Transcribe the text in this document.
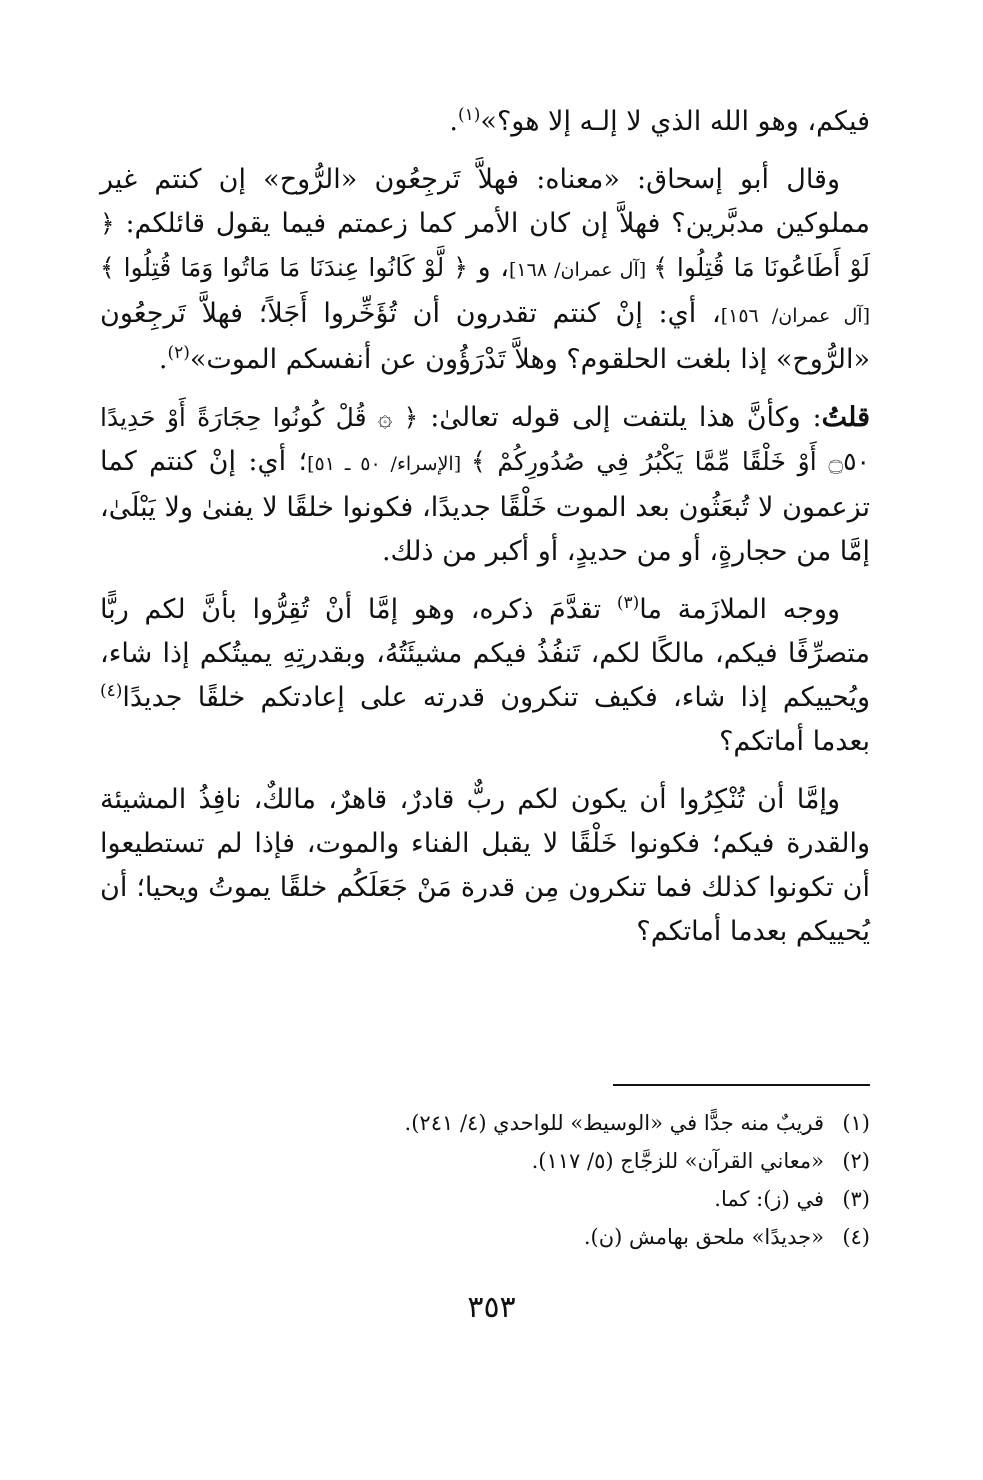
فيكم، وهو الله الذي لا إلـه إلا هو؟»$^{(١)}$.

وقال أبو إسحاق: «معناه: فهلاَّ تَرجِعُون «الرُّوح» إن كنتم غير مملوكين مدبَّرين؟ فهلاَّ إن كان الأمر كما زعمتم فيما يقول قائلكم: ﴿ لَوْ أَطَاعُونَا مَا قُتِلُوا ﴾ [آل عمران/ ١٦٨]، و ﴿ لَّوْ كَانُوا عِندَنَا مَا مَاتُوا وَمَا قُتِلُوا ﴾ [آل عمران/ ١٥٦]، أي: إنْ كنتم تقدرون أن تُؤَخِّروا أَجَلاً؛ فهلاَّ تَرجِعُون «الرُّوح» إذا بلغت الحلقوم؟ وهلاَّ تَدْرَؤُون عن أنفسكم الموت»$^{(٢)}$.

قلتُ: وكأنَّ هذا يلتفت إلى قوله تعالىٰ: ﴿ ۞ قُلْ كُونُوا حِجَارَةً أَوْ حَدِيدًا ۝٥٠ أَوْ خَلْقًا مِّمَّا يَكْبُرُ فِي صُدُورِكُمْ ﴾ [الإسراء/ ٥٠ ـ ٥١]؛ أي: إنْ كنتم كما تزعمون لا تُبعَثُون بعد الموت خَلْقًا جديدًا، فكونوا خلقًا لا يفنىٰ ولا يَبْلَىٰ، إمَّا من حجارةٍ، أو من حديدٍ، أو أكبر من ذلك.

ووجه الملازَمة ما$^{(٣)}$ تقدَّمَ ذكره، وهو إمَّا أنْ تُقِرُّوا بأنَّ لكم ربًّا متصرِّفًا فيكم، مالكًا لكم، تَنفُذُ فيكم مشيئَتُهُ، وبقدرتِهِ يميتُكم إذا شاء، ويُحييكم إذا شاء، فكيف تنكرون قدرته على إعادتكم خلقًا جديدًا$^{(٤)}$ بعدما أماتكم؟

وإمَّا أن تُنْكِرُوا أن يكون لكم ربٌّ قادرٌ، قاهرٌ، مالكٌ، نافِذُ المشيئة والقدرة فيكم؛ فكونوا خَلْقًا لا يقبل الفناء والموت، فإذا لم تستطيعوا أن تكونوا كذلك فما تنكرون مِن قدرة مَنْ جَعَلَكُم خلقًا يموتُ ويحيا؛ أن يُحييكم بعدما أماتكم؟

(١)
قريبٌ منه جدًّا في «الوسيط» للواحدي (٤/ ٢٤١).
(٢)
«معاني القرآن» للزجَّاج (٥/ ١١٧).
(٣)
في (ز): كما.
(٤)
«جديدًا» ملحق بهامش (ن).
٣٥٣
